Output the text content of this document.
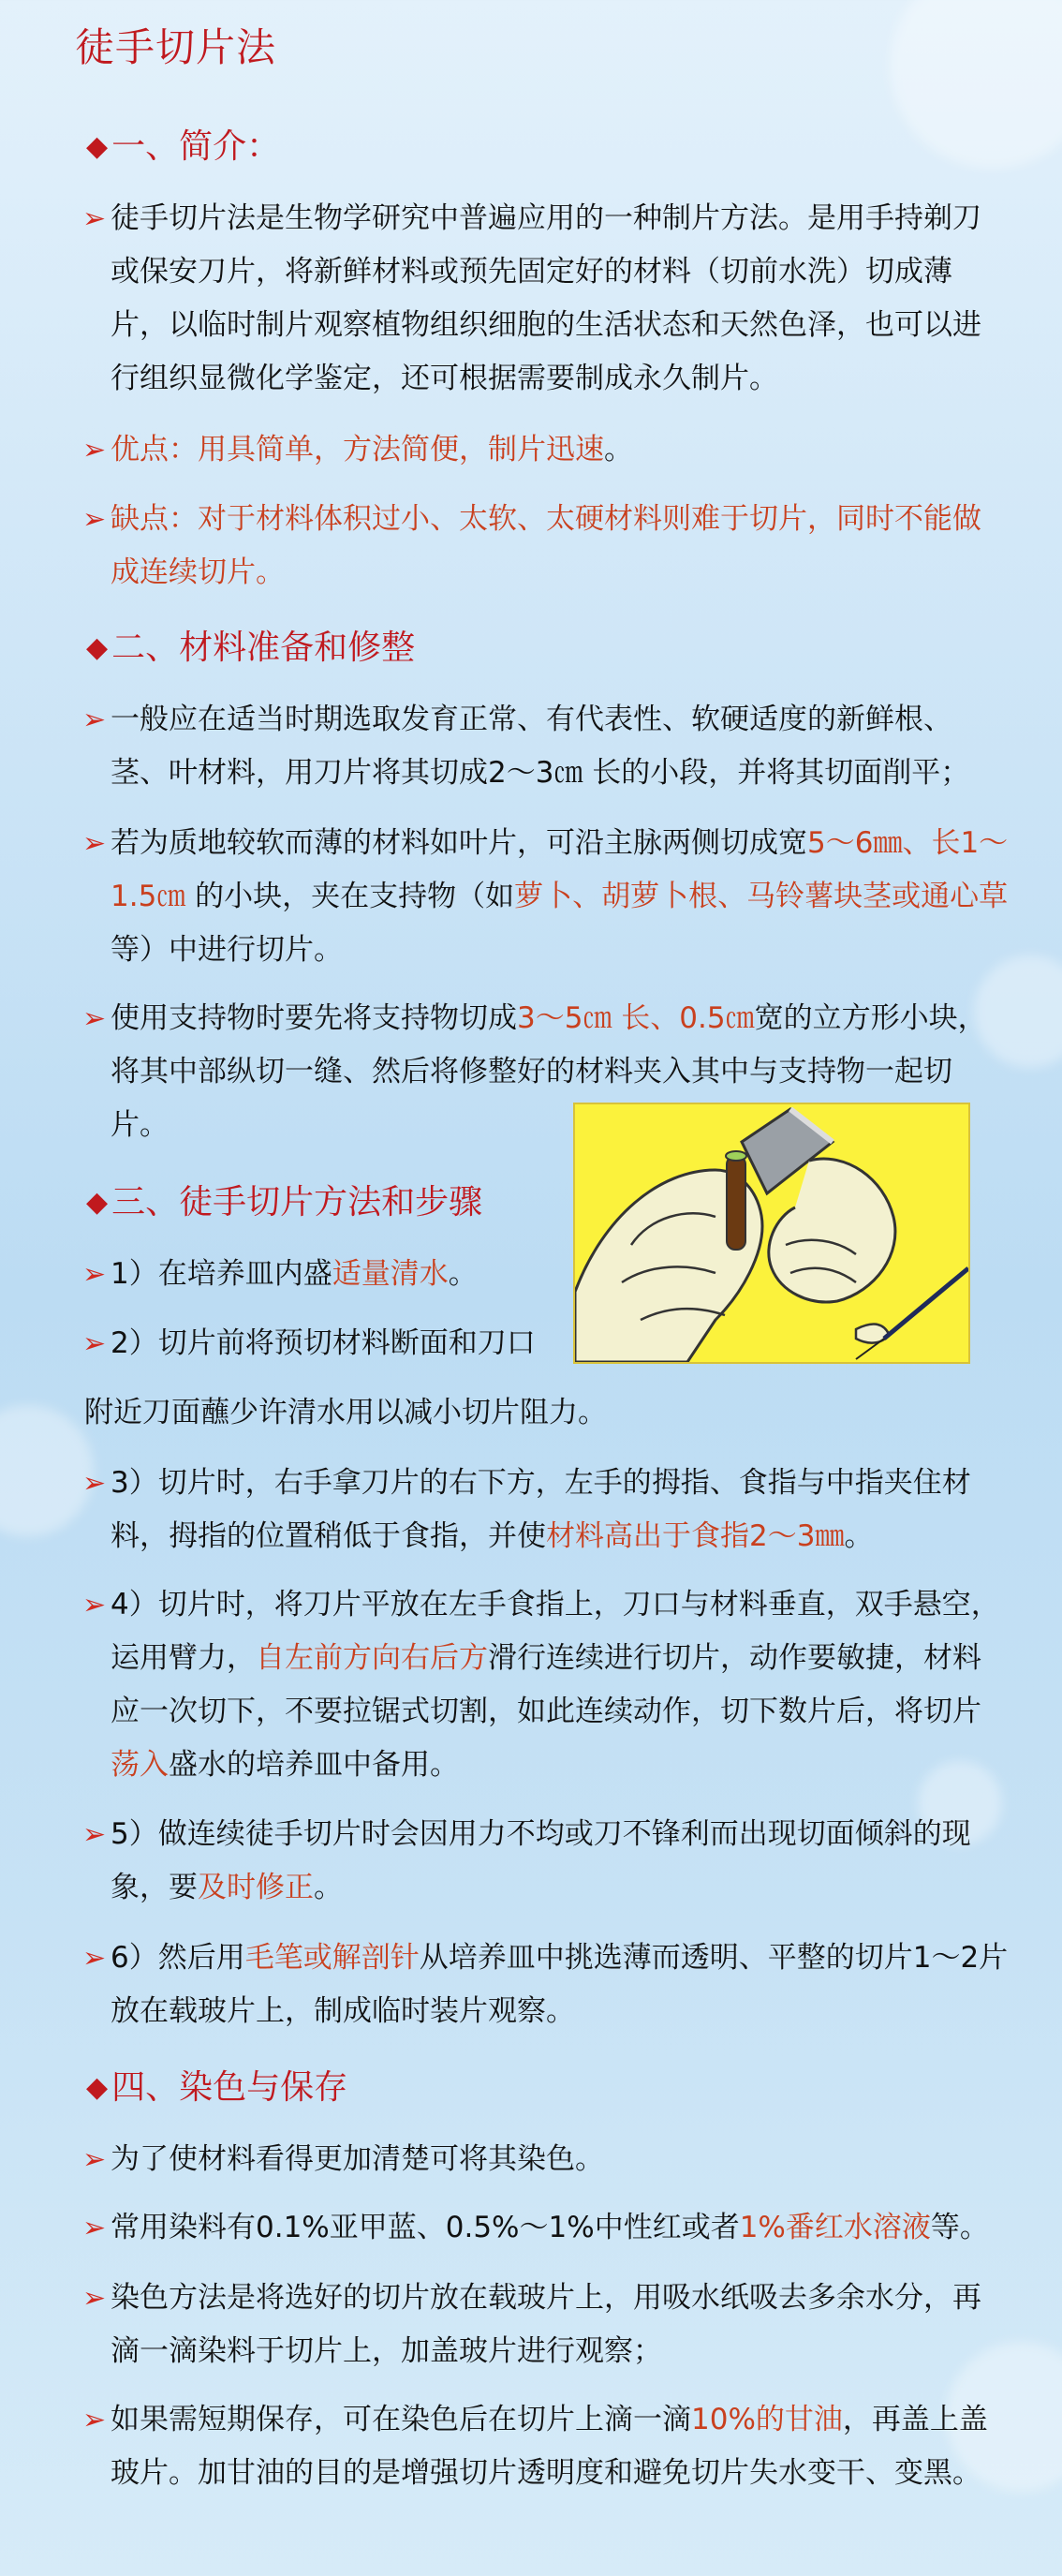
徒手切片法
◆ 一、简介：
➢ 徒手切片法是生物学研究中普遍应用的一种制片方法。是用手持剃刀或保安刀片，将新鲜材料或预先固定好的材料（切前水洗）切成薄片，以临时制片观察植物组织细胞的生活状态和天然色泽，也可以进行组织显微化学鉴定，还可根据需要制成永久制片。
➢ 优点：用具简单，方法简便，制片迅速。
➢ 缺点：对于材料体积过小、太软、太硬材料则难于切片，同时不能做成连续切片。
◆ 二、材料准备和修整
➢ 一般应在适当时期选取发育正常、有代表性、软硬适度的新鲜根、茎、叶材料，用刀片将其切成2～3㎝ 长的小段，并将其切面削平；
➢ 若为质地较软而薄的材料如叶片，可沿主脉两侧切成宽5～6㎜、长1～1.5㎝ 的小块，夹在支持物（如萝卜、胡萝卜根、马铃薯块茎或通心草等）中进行切片。
➢ 使用支持物时要先将支持物切成3～5㎝ 长、0.5㎝宽的立方形小块，将其中部纵切一缝、然后将修整好的材料夹入其中与支持物一起切片。
◆ 三、徒手切片方法和步骤
➢ 1）在培养皿内盛适量清水。
➢ 2）切片前将预切材料断面和刀口
附近刀面蘸少许清水用以减小切片阻力。
➢ 3）切片时，右手拿刀片的右下方，左手的拇指、食指与中指夹住材料，拇指的位置稍低于食指，并使材料高出于食指2～3㎜。
➢ 4）切片时，将刀片平放在左手食指上，刀口与材料垂直，双手悬空，运用臂力，自左前方向右后方滑行连续进行切片，动作要敏捷，材料应一次切下，不要拉锯式切割，如此连续动作，切下数片后，将切片荡入盛水的培养皿中备用。
➢ 5）做连续徒手切片时会因用力不均或刀不锋利而出现切面倾斜的现象，要及时修正。
➢ 6）然后用毛笔或解剖针从培养皿中挑选薄而透明、平整的切片1～2片放在载玻片上，制成临时装片观察。
◆ 四、染色与保存
➢ 为了使材料看得更加清楚可将其染色。
➢ 常用染料有0.1%亚甲蓝、0.5%～1%中性红或者1%番红水溶液等。
➢ 染色方法是将选好的切片放在载玻片上，用吸水纸吸去多余水分，再滴一滴染料于切片上，加盖玻片进行观察；
➢ 如果需短期保存，可在染色后在切片上滴一滴10%的甘油，再盖上盖玻片。加甘油的目的是增强切片透明度和避免切片失水变干、变黑。
